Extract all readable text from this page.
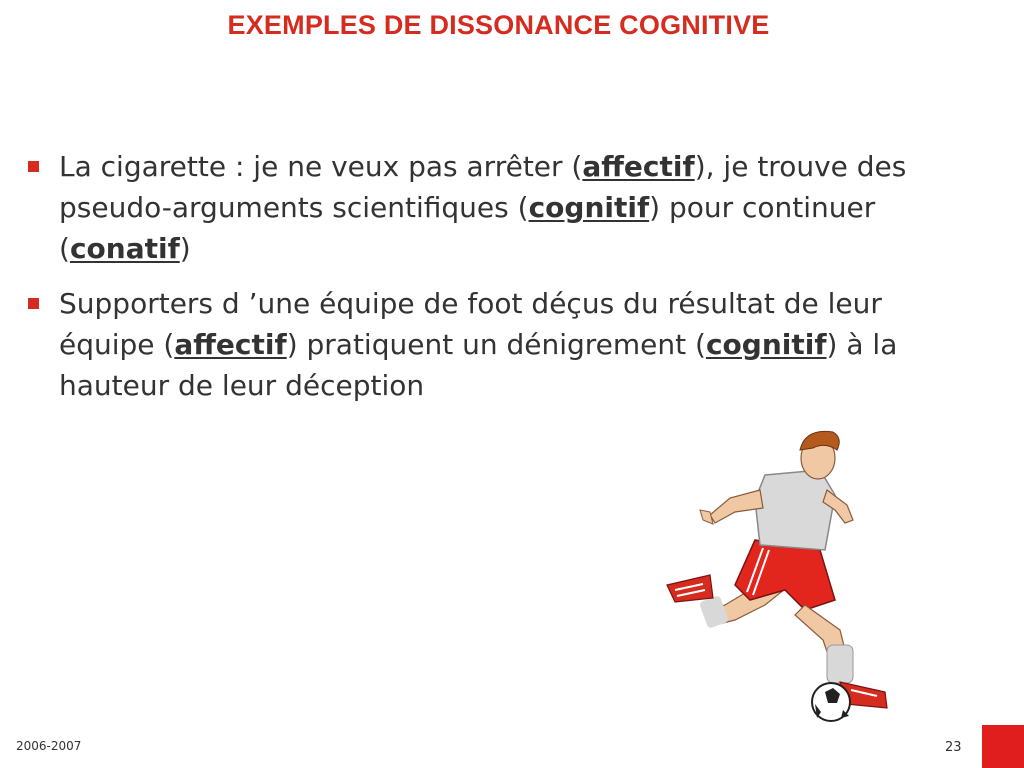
EXEMPLES DE DISSONANCE COGNITIVE
La cigarette : je ne veux pas arrêter (affectif), je trouve des pseudo-arguments scientifiques (cognitif) pour continuer (conatif)
Supporters d ’une équipe de foot déçus du résultat de leur équipe (affectif) pratiquent un dénigrement (cognitif) à la hauteur de leur déception
2006-2007	23
